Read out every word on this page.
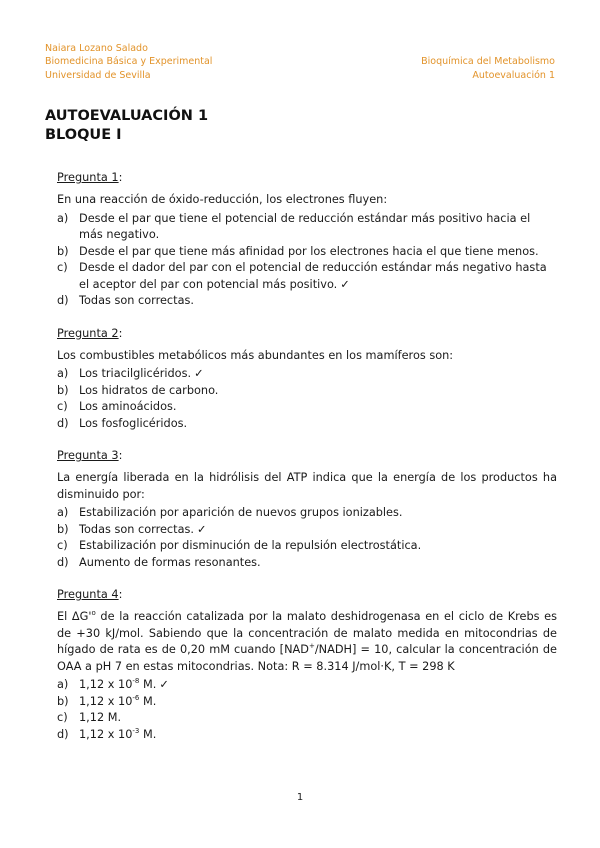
Naiara Lozano Salado
Biomedicina Básica y Experimental
Universidad de Sevilla

Bioquímica del Metabolismo
Autoevaluación 1
AUTOEVALUACIÓN 1
BLOQUE I

Pregunta 1:

En una reacción de óxido-reducción, los electrones fluyen:

a) Desde el par que tiene el potencial de reducción estándar más positivo hacia el más negativo.
b) Desde el par que tiene más afinidad por los electrones hacia el que tiene menos.
c)	Desde el dador del par con el potencial de reducción estándar más negativo hasta el aceptor del par con potencial más positivo. ✓
d) Todas son correctas.

Pregunta 2:

Los combustibles metabólicos más abundantes en los mamíferos son:

a) Los triacilglicéridos. ✓
b) Los hidratos de carbono.
c)	Los aminoácidos.
d) Los fosfoglicéridos.

Pregunta 3:

La energía liberada en la hidrólisis del ATP indica que la energía de los productos ha disminuido por:

a) Estabilización por aparición de nuevos grupos ionizables.
b) Todas son correctas. ✓
c)	Estabilización por disminución de la repulsión electrostática.
d) Aumento de formas resonantes.

Pregunta 4:

El $\Delta G'^o$ de la reacción catalizada por la malato deshidrogenasa en el ciclo de Krebs es de +30 kJ/mol. Sabiendo que la concentración de malato medida en mitocondrias de hígado de rata es de 0,20 mM cuando [NAD+/NADH] = 10, calcular la concentración de OAA a pH 7 en estas mitocondrias. Nota: R = 8.314 J/mol·K, T = 298 K

a) 1,12 x $10^{-8}$ M. ✓
b) 1,12 x $10^{-6}$ M.
c)	1,12 M.
d) 1,12 x $10^{-3}$ M.
1
